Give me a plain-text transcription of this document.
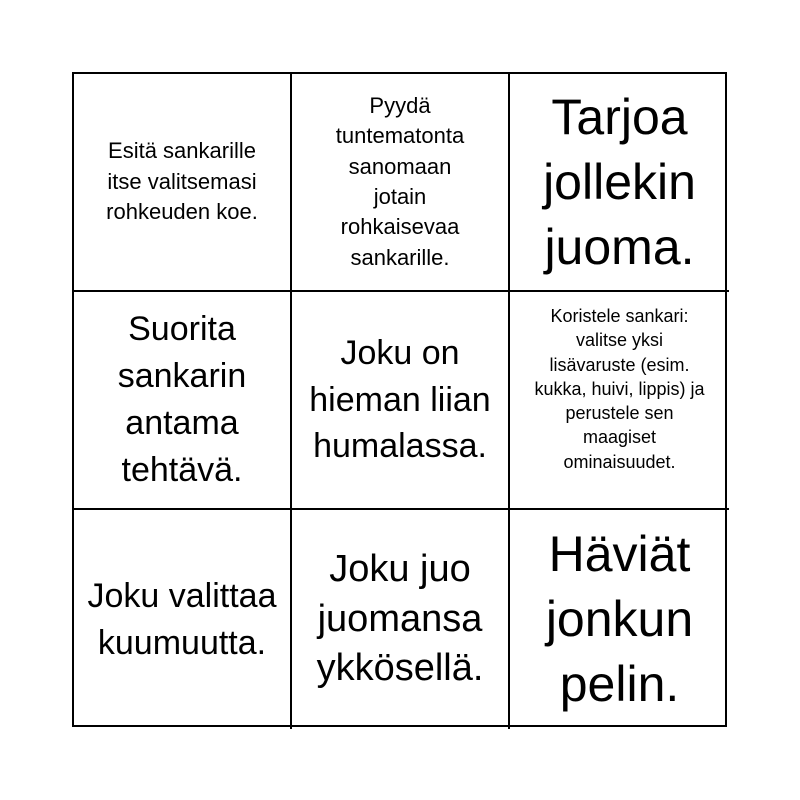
Esitä sankarille itse valitsemasi rohkeuden koe.
Pyydä tuntematonta sanomaan jotain rohkaisevaa sankarille.
Tarjoa jollekin juoma.
Suorita sankarin antama tehtävä.
Joku on hieman liian humalassa.
Koristele sankari: valitse yksi lisävaruste (esim. kukka, huivi, lippis) ja perustele sen maagiset ominaisuudet.
Joku valittaa kuumuutta.
Joku juo juomansa ykkösellä.
Häviät jonkun pelin.
